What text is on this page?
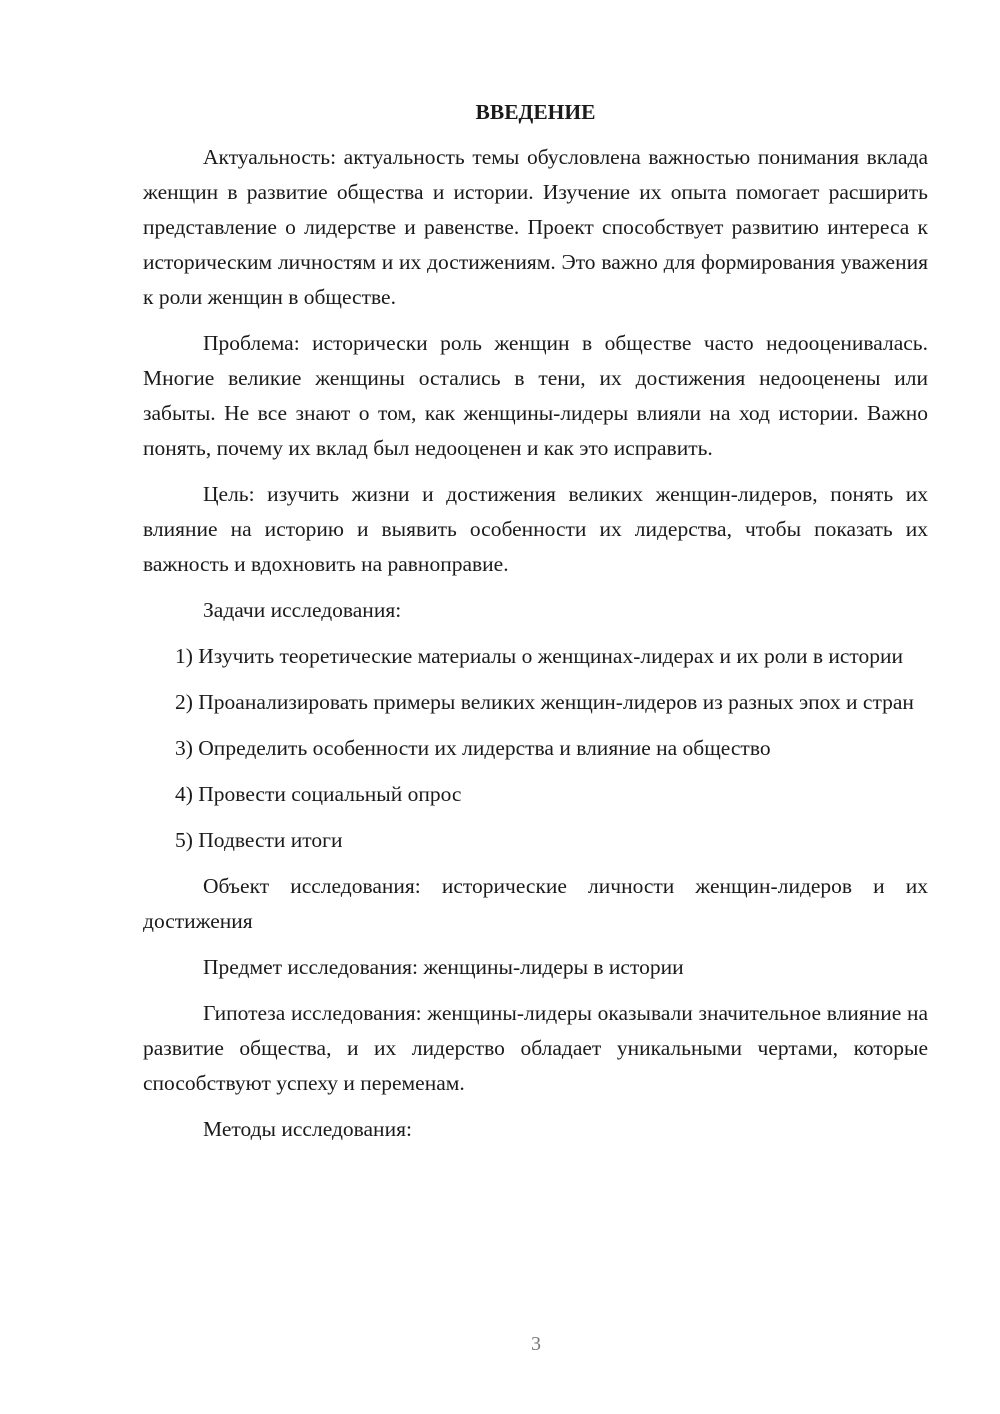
ВВЕДЕНИЕ

Актуальность: актуальность темы обусловлена важностью понимания вклада женщин в развитие общества и истории. Изучение их опыта помогает расширить представление о лидерстве и равенстве. Проект способствует развитию интереса к историческим личностям и их достижениям. Это важно для формирования уважения к роли женщин в обществе.

Проблема: исторически роль женщин в обществе часто недооценивалась. Многие великие женщины остались в тени, их достижения недооценены или забыты. Не все знают о том, как женщины-лидеры влияли на ход истории. Важно понять, почему их вклад был недооценен и как это исправить.

Цель: изучить жизни и достижения великих женщин-лидеров, понять их влияние на историю и выявить особенности их лидерства, чтобы показать их важность и вдохновить на равноправие.

Задачи исследования:

1) Изучить теоретические материалы о женщинах-лидерах и их роли в истории

2) Проанализировать примеры великих женщин-лидеров из разных эпох и стран

3) Определить особенности их лидерства и влияние на общество

4) Провести социальный опрос

5) Подвести итоги

Объект исследования: исторические личности женщин-лидеров и их достижения

Предмет исследования: женщины-лидеры в истории

Гипотеза исследования: женщины-лидеры оказывали значительное влияние на развитие общества, и их лидерство обладает уникальными чертами, которые способствуют успеху и переменам.

Методы исследования:

3
